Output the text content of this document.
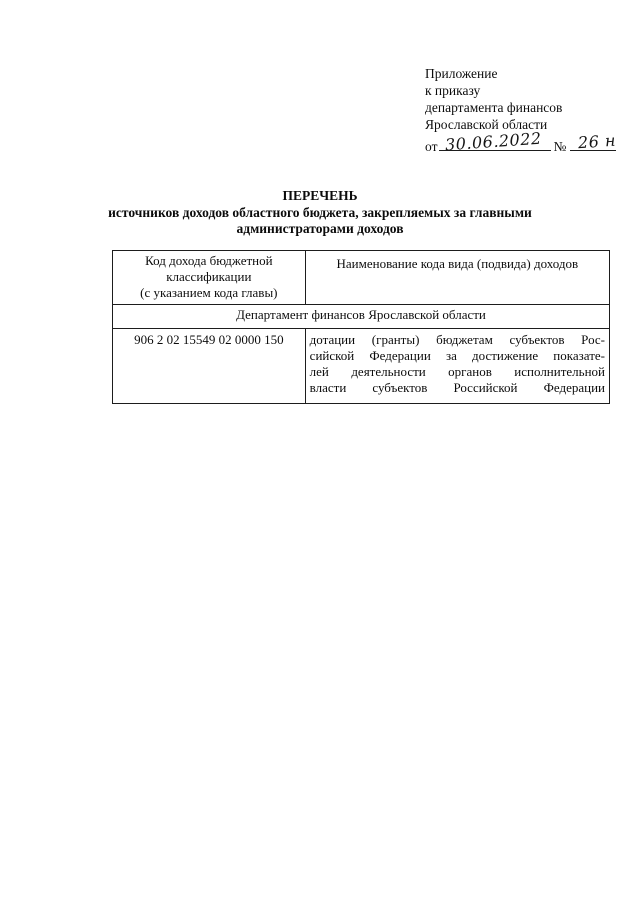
Приложение
к приказу
департамента финансов
Ярославской области
от 30.06.2022 № 26 н
ПЕРЕЧЕНЬ
источников доходов областного бюджета, закрепляемых за главными
администраторами доходов
Код дохода бюджетной
классификации
(с указанием кода главы)	Наименование кода вида (подвида) доходов
Департамент финансов Ярославской области	
906 2 02 15549 02 0000 150	дотации (гранты) бюджетам субъектов Рос-
сийской Федерации за достижение показате-
лей деятельности органов исполнительной
власти субъектов Российской Федерации
